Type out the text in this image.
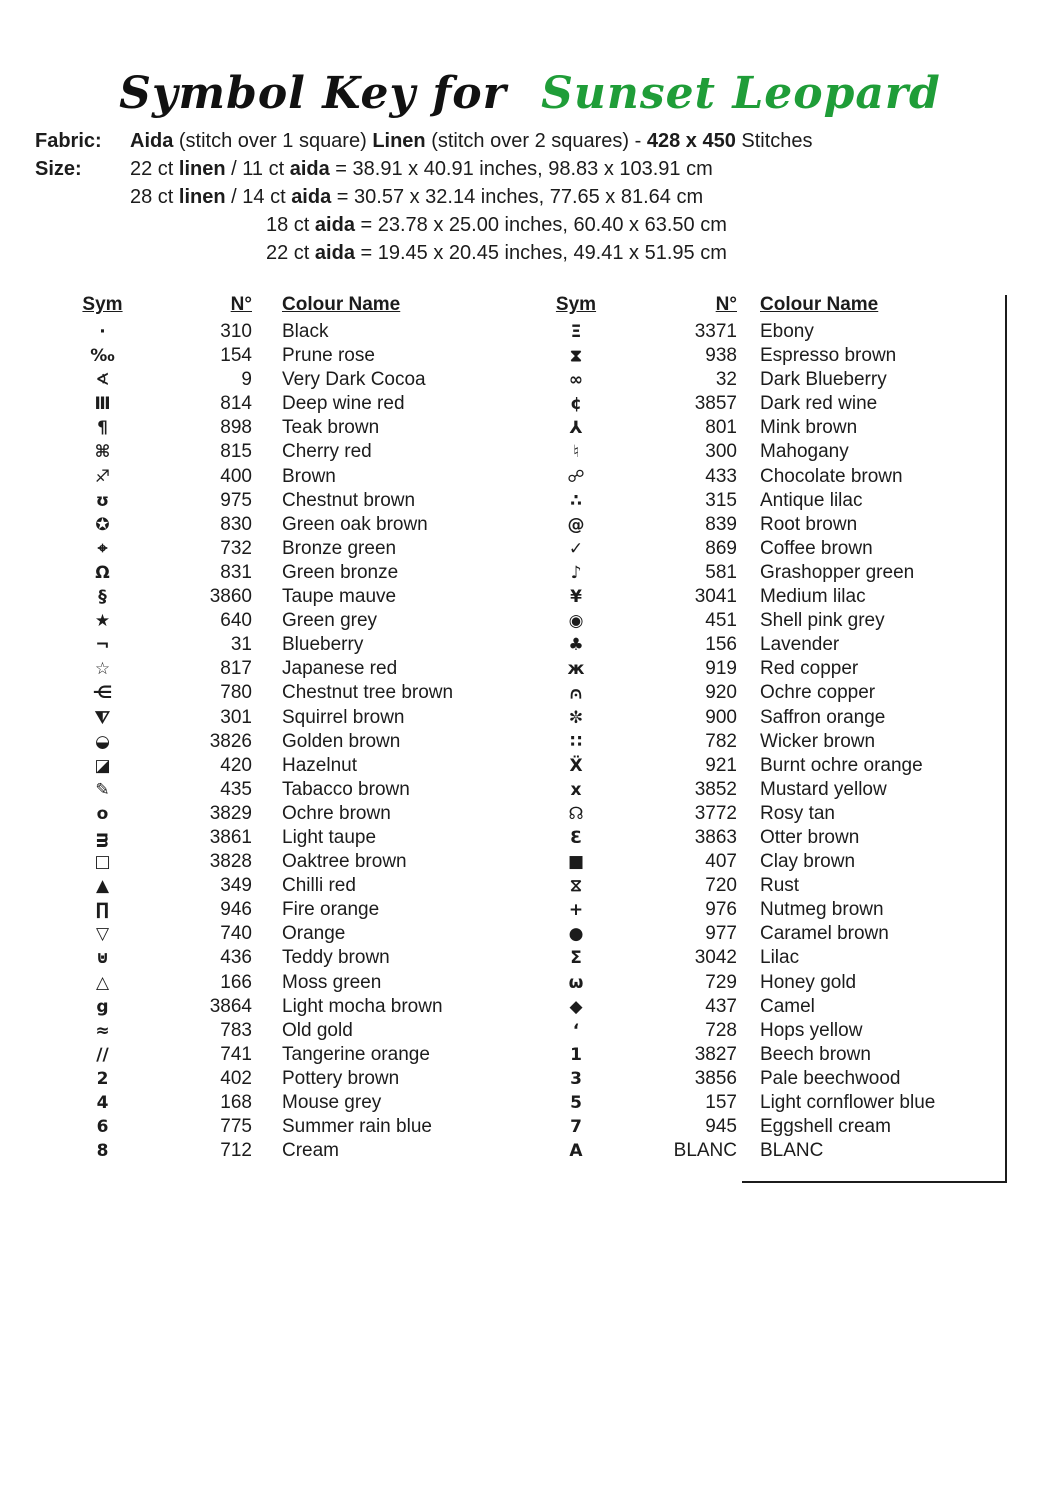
Symbol Key for Sunset Leopard
Fabric: Aida (stitch over 1 square) Linen (stitch over 2 squares) - 428 x 450 Stitches
Size: 22 ct linen / 11 ct aida = 38.91 x 40.91 inches, 98.83 x 103.91 cm
28 ct linen / 14 ct aida = 30.57 x 32.14 inches, 77.65 x 81.64 cm
18 ct aida = 23.78 x 25.00 inches, 60.40 x 63.50 cm
22 ct aida = 19.45 x 20.45 inches, 49.41 x 51.95 cm
Sym	N°	Colour Name
·	310	Black
‰	154	Prune rose
∢	9	Very Dark Cocoa
Ⅲ	814	Deep wine red
¶	898	Teak brown
⌘	815	Cherry red
♐	400	Brown
ʊ	975	Chestnut brown
✪	830	Green oak brown
⌖	732	Bronze green
Ω	831	Green bronze
§	3860	Taupe mauve
★	640	Green grey
¬	31	Blueberry
☆	817	Japanese red
⋲	780	Chestnut tree brown
⧨	301	Squirrel brown
◒	3826	Golden brown
◪	420	Hazelnut
✎	435	Tabacco brown
o	3829	Ochre brown
ᴟ	3861	Light taupe
□	3828	Oaktree brown
▲	349	Chilli red
∏	946	Fire orange
▽	740	Orange
⊍	436	Teddy brown
△	166	Moss green
g	3864	Light mocha brown
≈	783	Old gold
∕∕	741	Tangerine orange
2	402	Pottery brown
4	168	Mouse grey
6	775	Summer rain blue
8	712	Cream
Sym	N°	Colour Name
Ξ	3371	Ebony
⧗	938	Espresso brown
∞	32	Dark Blueberry
¢	3857	Dark red wine
⅄	801	Mink brown
♮	300	Mahogany
☍	433	Chocolate brown
∴	315	Antique lilac
@	839	Root brown
✓	869	Coffee brown
♪	581	Grashopper green
¥	3041	Medium lilac
◉	451	Shell pink grey
♣	156	Lavender
ж	919	Red copper
⩀	920	Ochre copper
✼	900	Saffron orange
∷	782	Wicker brown
Ẍ	921	Burnt ochre orange
x	3852	Mustard yellow
☊	3772	Rosy tan
Ɛ	3863	Otter brown
■	407	Clay brown
⧖	720	Rust
+	976	Nutmeg brown
●	977	Caramel brown
Σ	3042	Lilac
ω	729	Honey gold
◆	437	Camel
‘	728	Hops yellow
1	3827	Beech brown
3	3856	Pale beechwood
5	157	Light cornflower blue
7	945	Eggshell cream
A	BLANC	BLANC
